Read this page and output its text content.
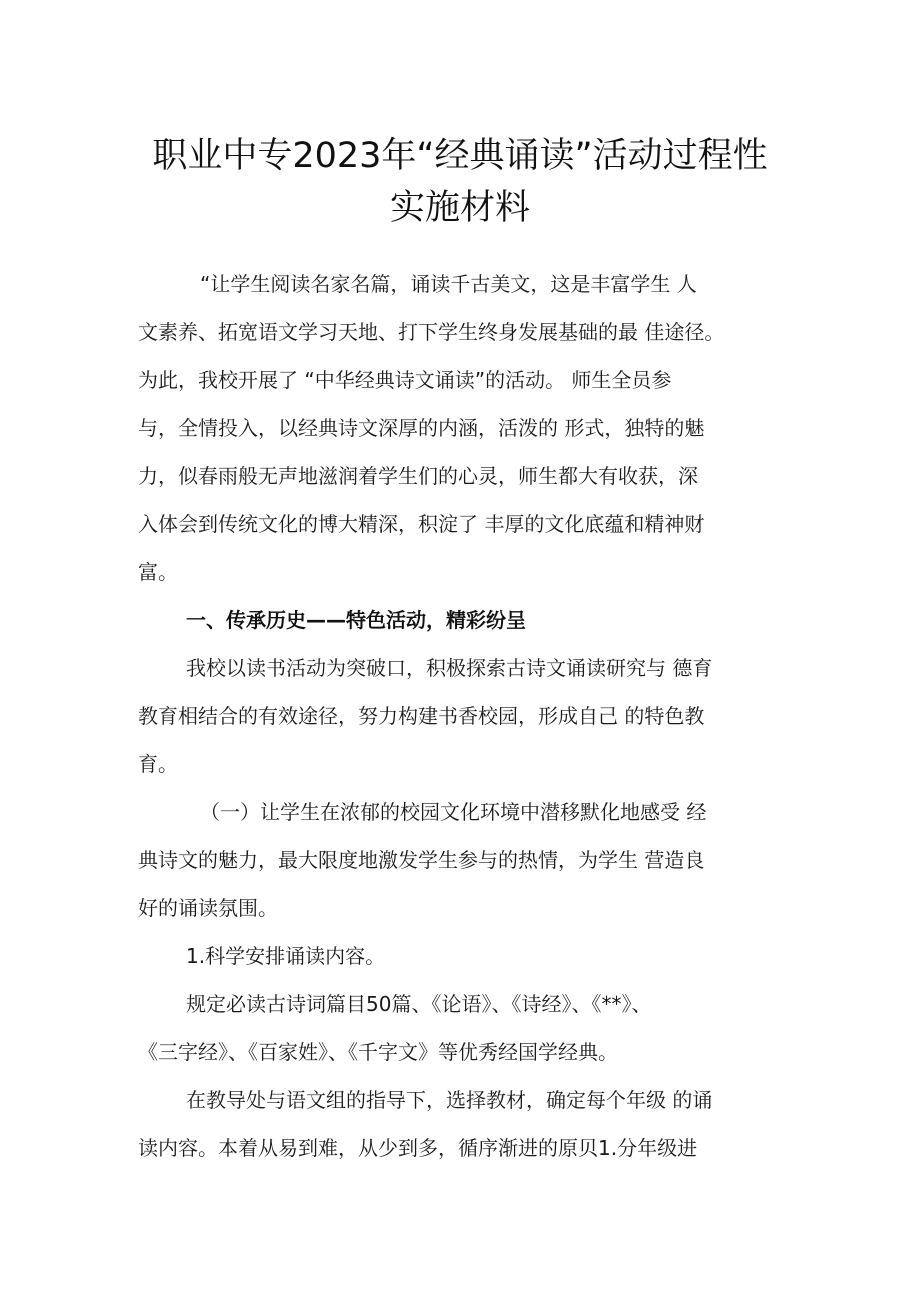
职业中专2023年“经典诵读”活动过程性
实施材料

“让学生阅读名家名篇，诵读千古美文，这是丰富学生 人

文素养、拓宽语文学习天地、打下学生终身发展基础的最 佳途径。

为此，我校开展了 “中华经典诗文诵读”的活动。 师生全员参

与，全情投入，以经典诗文深厚的内涵，活泼的 形式，独特的魅

力，似春雨般无声地滋润着学生们的心灵，师生都大有收获，深

入体会到传统文化的博大精深，积淀了 丰厚的文化底蕴和精神财

富。

一、传承历史——特色活动，精彩纷呈

我校以读书活动为突破口，积极探索古诗文诵读研究与 德育

教育相结合的有效途径，努力构建书香校园，形成自己 的特色教

育。

（一）让学生在浓郁的校园文化环境中潜移默化地感受 经

典诗文的魅力，最大限度地激发学生参与的热情，为学生 营造良

好的诵读氛围。

1.科学安排诵读内容。

规定必读古诗词篇目50篇、《论语》、《诗经》、《**》、

《三字经》、《百家姓》、《千字文》等优秀经国学经典。

在教导处与语文组的指导下，选择教材，确定每个年级 的诵

读内容。本着从易到难，从少到多，循序渐进的原贝1.分年级进
